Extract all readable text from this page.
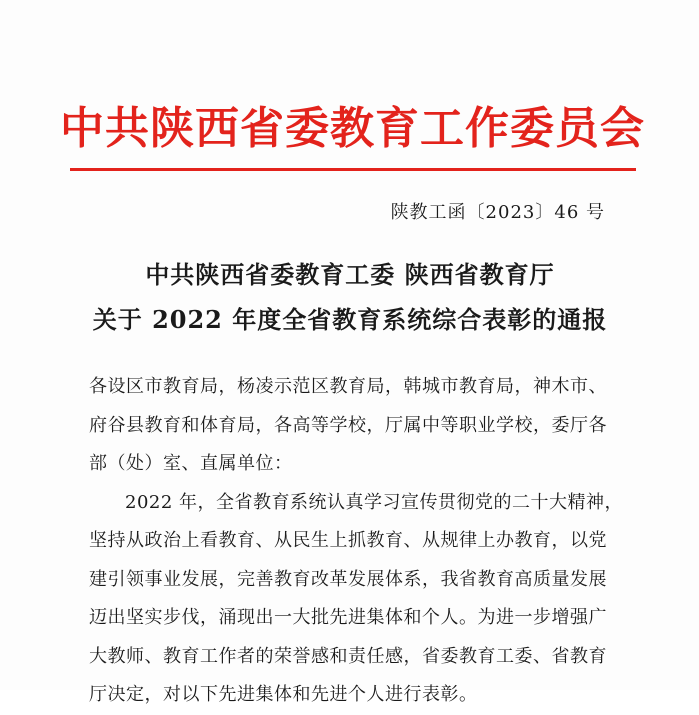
中共陕西省委教育工作委员会
陕教工函〔2023〕46 号
中共陕西省委教育工委 陕西省教育厅
关于 2022 年度全省教育系统综合表彰的通报
各设区市教育局，杨凌示范区教育局，韩城市教育局，神木市、
府谷县教育和体育局，各高等学校，厅属中等职业学校，委厅各
部（处）室、直属单位：
2022 年，全省教育系统认真学习宣传贯彻党的二十大精神，
坚持从政治上看教育、从民生上抓教育、从规律上办教育，以党
建引领事业发展，完善教育改革发展体系，我省教育高质量发展
迈出坚实步伐，涌现出一大批先进集体和个人。为进一步增强广
大教师、教育工作者的荣誉感和责任感，省委教育工委、省教育
厅决定，对以下先进集体和先进个人进行表彰。
